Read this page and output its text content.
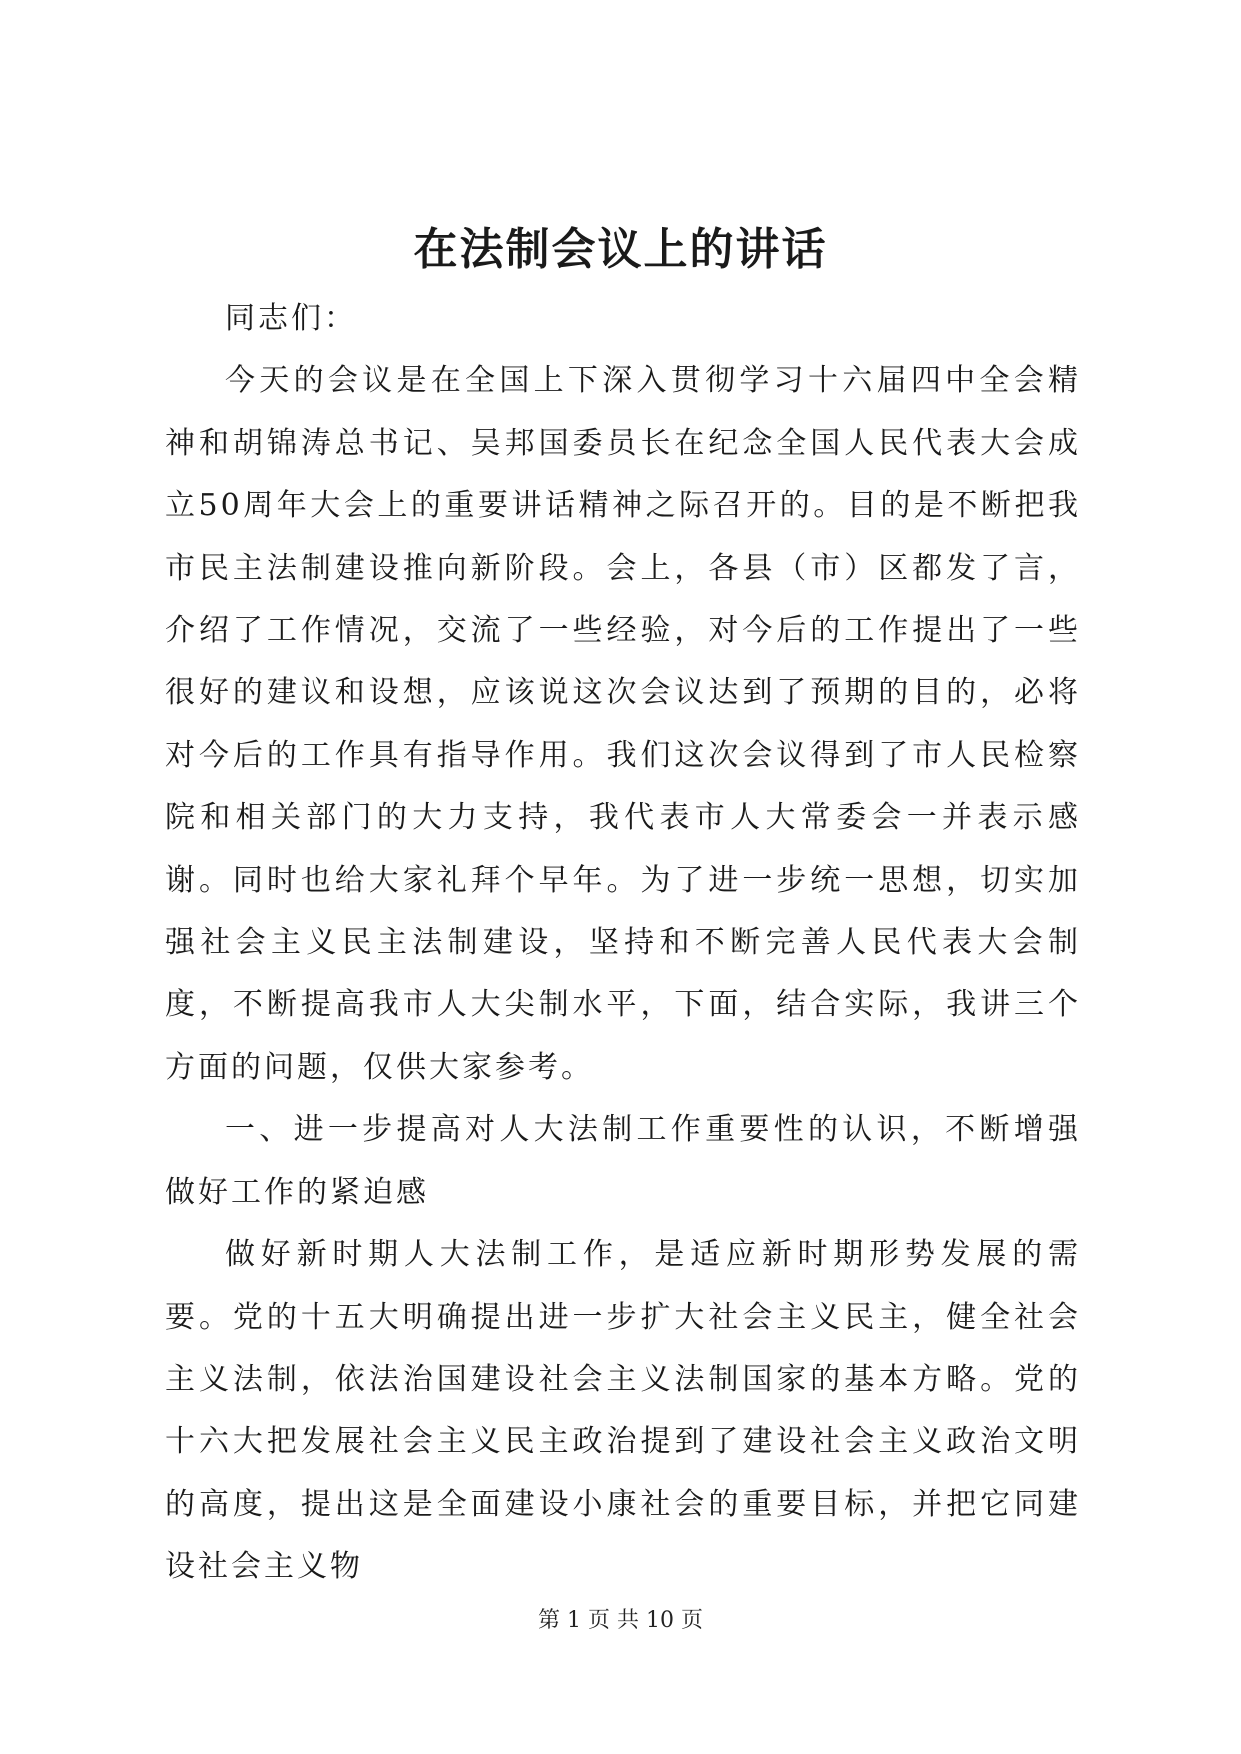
在法制会议上的讲话

同志们：

今天的会议是在全国上下深入贯彻学习十六届四中全会精神和胡锦涛总书记、吴邦国委员长在纪念全国人民代表大会成立50周年大会上的重要讲话精神之际召开的。目的是不断把我市民主法制建设推向新阶段。会上，各县（市）区都发了言，介绍了工作情况，交流了一些经验，对今后的工作提出了一些很好的建议和设想，应该说这次会议达到了预期的目的，必将对今后的工作具有指导作用。我们这次会议得到了市人民检察院和相关部门的大力支持，我代表市人大常委会一并表示感谢。同时也给大家礼拜个早年。为了进一步统一思想，切实加强社会主义民主法制建设，坚持和不断完善人民代表大会制度，不断提高我市人大尖制水平，下面，结合实际，我讲三个方面的问题，仅供大家参考。

一、进一步提高对人大法制工作重要性的认识，不断增强做好工作的紧迫感

做好新时期人大法制工作，是适应新时期形势发展的需要。党的十五大明确提出进一步扩大社会主义民主，健全社会主义法制，依法治国建设社会主义法制国家的基本方略。党的十六大把发展社会主义民主政治提到了建设社会主义政治文明的高度，提出这是全面建设小康社会的重要目标，并把它同建设社会主义物

第 1 页 共 10 页
